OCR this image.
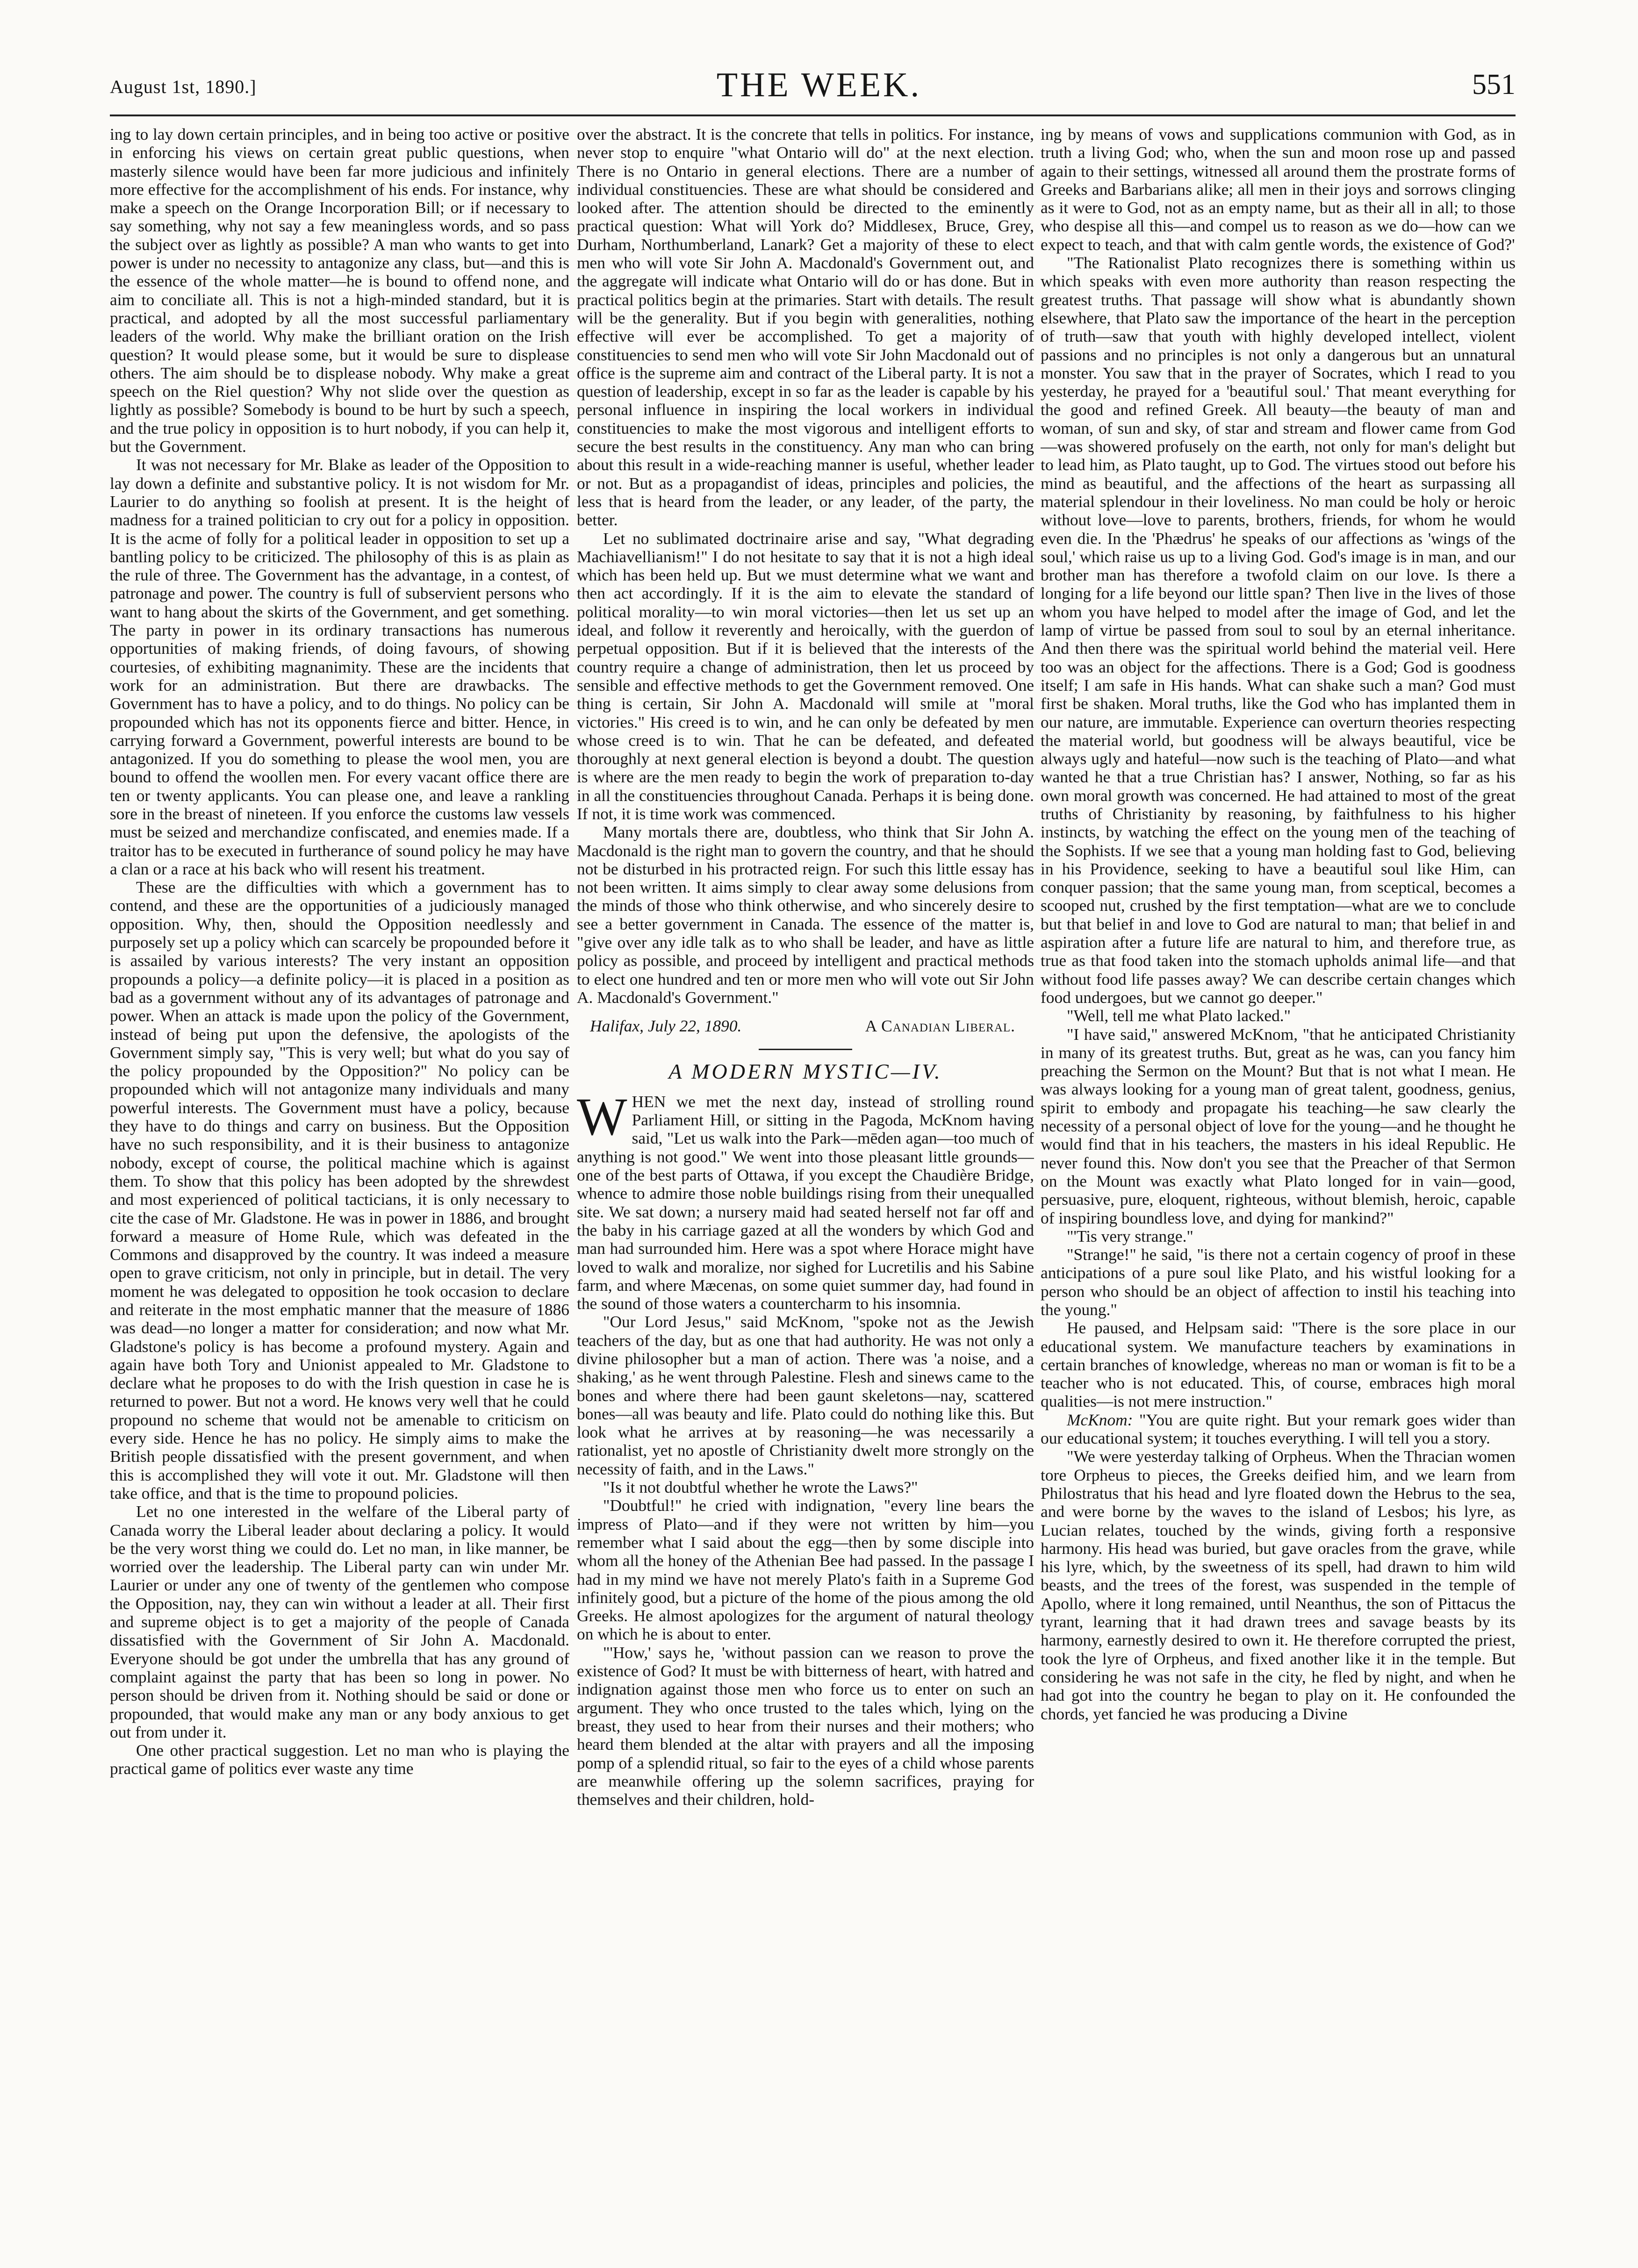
August 1st, 1890.]	THE WEEK.	551

ing to lay down certain principles, and in being too active or positive in enforcing his views on certain great public questions, when masterly silence would have been far more judicious and infinitely more effective for the accomplishment of his ends. For instance, why make a speech on the Orange Incorporation Bill; or if necessary to say something, why not say a few meaningless words, and so pass the subject over as lightly as possible? A man who wants to get into power is under no necessity to antagonize any class, but—and this is the essence of the whole matter—he is bound to offend none, and aim to conciliate all. This is not a high-minded standard, but it is practical, and adopted by all the most successful parliamentary leaders of the world. Why make the brilliant oration on the Irish question? It would please some, but it would be sure to displease others. The aim should be to displease nobody. Why make a great speech on the Riel question? Why not slide over the question as lightly as possible? Somebody is bound to be hurt by such a speech, and the true policy in opposition is to hurt nobody, if you can help it, but the Government.

It was not necessary for Mr. Blake as leader of the Opposition to lay down a definite and substantive policy. It is not wisdom for Mr. Laurier to do anything so foolish at present. It is the height of madness for a trained politician to cry out for a policy in opposition. It is the acme of folly for a political leader in opposition to set up a bantling policy to be criticized. The philosophy of this is as plain as the rule of three. The Government has the advantage, in a contest, of patronage and power. The country is full of subservient persons who want to hang about the skirts of the Government, and get something. The party in power in its ordinary transactions has numerous opportunities of making friends, of doing favours, of showing courtesies, of exhibiting magnanimity. These are the incidents that work for an administration. But there are drawbacks. The Government has to have a policy, and to do things. No policy can be propounded which has not its opponents fierce and bitter. Hence, in carrying forward a Government, powerful interests are bound to be antagonized. If you do something to please the wool men, you are bound to offend the woollen men. For every vacant office there are ten or twenty applicants. You can please one, and leave a rankling sore in the breast of nineteen. If you enforce the customs law vessels must be seized and merchandize confiscated, and enemies made. If a traitor has to be executed in furtherance of sound policy he may have a clan or a race at his back who will resent his treatment.

These are the difficulties with which a government has to contend, and these are the opportunities of a judiciously managed opposition. Why, then, should the Opposition needlessly and purposely set up a policy which can scarcely be propounded before it is assailed by various interests? The very instant an opposition propounds a policy—a definite policy—it is placed in a position as bad as a government without any of its advantages of patronage and power. When an attack is made upon the policy of the Government, instead of being put upon the defensive, the apologists of the Government simply say, "This is very well; but what do you say of the policy propounded by the Opposition?" No policy can be propounded which will not antagonize many individuals and many powerful interests. The Government must have a policy, because they have to do things and carry on business. But the Opposition have no such responsibility, and it is their business to antagonize nobody, except of course, the political machine which is against them. To show that this policy has been adopted by the shrewdest and most experienced of political tacticians, it is only necessary to cite the case of Mr. Gladstone. He was in power in 1886, and brought forward a measure of Home Rule, which was defeated in the Commons and disapproved by the country. It was indeed a measure open to grave criticism, not only in principle, but in detail. The very moment he was delegated to opposition he took occasion to declare and reiterate in the most emphatic manner that the measure of 1886 was dead—no longer a matter for consideration; and now what Mr. Gladstone's policy is has become a profound mystery. Again and again have both Tory and Unionist appealed to Mr. Gladstone to declare what he proposes to do with the Irish question in case he is returned to power. But not a word. He knows very well that he could propound no scheme that would not be amenable to criticism on every side. Hence he has no policy. He simply aims to make the British people dissatisfied with the present government, and when this is accomplished they will vote it out. Mr. Gladstone will then take office, and that is the time to propound policies.

Let no one interested in the welfare of the Liberal party of Canada worry the Liberal leader about declaring a policy. It would be the very worst thing we could do. Let no man, in like manner, be worried over the leadership. The Liberal party can win under Mr. Laurier or under any one of twenty of the gentlemen who compose the Opposition, nay, they can win without a leader at all. Their first and supreme object is to get a majority of the people of Canada dissatisfied with the Government of Sir John A. Macdonald. Everyone should be got under the umbrella that has any ground of complaint against the party that has been so long in power. No person should be driven from it. Nothing should be said or done or propounded, that would make any man or any body anxious to get out from under it.

One other practical suggestion. Let no man who is playing the practical game of politics ever waste any time

over the abstract. It is the concrete that tells in politics. For instance, never stop to enquire "what Ontario will do" at the next election. There is no Ontario in general elections. There are a number of individual constituencies. These are what should be considered and looked after. The attention should be directed to the eminently practical question: What will York do? Middlesex, Bruce, Grey, Durham, Northumberland, Lanark? Get a majority of these to elect men who will vote Sir John A. Macdonald's Government out, and the aggregate will indicate what Ontario will do or has done. But in practical politics begin at the primaries. Start with details. The result will be the generality. But if you begin with generalities, nothing effective will ever be accomplished. To get a majority of constituencies to send men who will vote Sir John Macdonald out of office is the supreme aim and contract of the Liberal party. It is not a question of leadership, except in so far as the leader is capable by his personal influence in inspiring the local workers in individual constituencies to make the most vigorous and intelligent efforts to secure the best results in the constituency. Any man who can bring about this result in a wide-reaching manner is useful, whether leader or not. But as a propagandist of ideas, principles and policies, the less that is heard from the leader, or any leader, of the party, the better.

Let no sublimated doctrinaire arise and say, "What degrading Machiavellianism!" I do not hesitate to say that it is not a high ideal which has been held up. But we must determine what we want and then act accordingly. If it is the aim to elevate the standard of political morality—to win moral victories—then let us set up an ideal, and follow it reverently and heroically, with the guerdon of perpetual opposition. But if it is believed that the interests of the country require a change of administration, then let us proceed by sensible and effective methods to get the Government removed. One thing is certain, Sir John A. Macdonald will smile at "moral victories." His creed is to win, and he can only be defeated by men whose creed is to win. That he can be defeated, and defeated thoroughly at next general election is beyond a doubt. The question is where are the men ready to begin the work of preparation to-day in all the constituencies throughout Canada. Perhaps it is being done. If not, it is time work was commenced.

Many mortals there are, doubtless, who think that Sir John A. Macdonald is the right man to govern the country, and that he should not be disturbed in his protracted reign. For such this little essay has not been written. It aims simply to clear away some delusions from the minds of those who think otherwise, and who sincerely desire to see a better government in Canada. The essence of the matter is, "give over any idle talk as to who shall be leader, and have as little policy as possible, and proceed by intelligent and practical methods to elect one hundred and ten or more men who will vote out Sir John A. Macdonald's Government."

Halifax, July 22, 1890.	A Canadian Liberal.
A MODERN MYSTIC—IV.

WHEN we met the next day, instead of strolling round Parliament Hill, or sitting in the Pagoda, McKnom having said, "Let us walk into the Park—mēden agan—too much of anything is not good." We went into those pleasant little grounds—one of the best parts of Ottawa, if you except the Chaudière Bridge, whence to admire those noble buildings rising from their unequalled site. We sat down; a nursery maid had seated herself not far off and the baby in his carriage gazed at all the wonders by which God and man had surrounded him. Here was a spot where Horace might have loved to walk and moralize, nor sighed for Lucretilis and his Sabine farm, and where Mæcenas, on some quiet summer day, had found in the sound of those waters a countercharm to his insomnia.

"Our Lord Jesus," said McKnom, "spoke not as the Jewish teachers of the day, but as one that had authority. He was not only a divine philosopher but a man of action. There was 'a noise, and a shaking,' as he went through Palestine. Flesh and sinews came to the bones and where there had been gaunt skeletons—nay, scattered bones—all was beauty and life. Plato could do nothing like this. But look what he arrives at by reasoning—he was necessarily a rationalist, yet no apostle of Christianity dwelt more strongly on the necessity of faith, and in the Laws."

"Is it not doubtful whether he wrote the Laws?"

"Doubtful!" he cried with indignation, "every line bears the impress of Plato—and if they were not written by him—you remember what I said about the egg—then by some disciple into whom all the honey of the Athenian Bee had passed. In the passage I had in my mind we have not merely Plato's faith in a Supreme God infinitely good, but a picture of the home of the pious among the old Greeks. He almost apologizes for the argument of natural theology on which he is about to enter.

"'How,' says he, 'without passion can we reason to prove the existence of God? It must be with bitterness of heart, with hatred and indignation against those men who force us to enter on such an argument. They who once trusted to the tales which, lying on the breast, they used to hear from their nurses and their mothers; who heard them blended at the altar with prayers and all the imposing pomp of a splendid ritual, so fair to the eyes of a child whose parents are meanwhile offering up the solemn sacrifices, praying for themselves and their children, hold-

ing by means of vows and supplications communion with God, as in truth a living God; who, when the sun and moon rose up and passed again to their settings, witnessed all around them the prostrate forms of Greeks and Barbarians alike; all men in their joys and sorrows clinging as it were to God, not as an empty name, but as their all in all; to those who despise all this—and compel us to reason as we do—how can we expect to teach, and that with calm gentle words, the existence of God?'

"The Rationalist Plato recognizes there is something within us which speaks with even more authority than reason respecting the greatest truths. That passage will show what is abundantly shown elsewhere, that Plato saw the importance of the heart in the perception of truth—saw that youth with highly developed intellect, violent passions and no principles is not only a dangerous but an unnatural monster. You saw that in the prayer of Socrates, which I read to you yesterday, he prayed for a 'beautiful soul.' That meant everything for the good and refined Greek. All beauty—the beauty of man and woman, of sun and sky, of star and stream and flower came from God—was showered profusely on the earth, not only for man's delight but to lead him, as Plato taught, up to God. The virtues stood out before his mind as beautiful, and the affections of the heart as surpassing all material splendour in their loveliness. No man could be holy or heroic without love—love to parents, brothers, friends, for whom he would even die. In the 'Phædrus' he speaks of our affections as 'wings of the soul,' which raise us up to a living God. God's image is in man, and our brother man has therefore a twofold claim on our love. Is there a longing for a life beyond our little span? Then live in the lives of those whom you have helped to model after the image of God, and let the lamp of virtue be passed from soul to soul by an eternal inheritance. And then there was the spiritual world behind the material veil. Here too was an object for the affections. There is a God; God is goodness itself; I am safe in His hands. What can shake such a man? God must first be shaken. Moral truths, like the God who has implanted them in our nature, are immutable. Experience can overturn theories respecting the material world, but goodness will be always beautiful, vice be always ugly and hateful—now such is the teaching of Plato—and what wanted he that a true Christian has? I answer, Nothing, so far as his own moral growth was concerned. He had attained to most of the great truths of Christianity by reasoning, by faithfulness to his higher instincts, by watching the effect on the young men of the teaching of the Sophists. If we see that a young man holding fast to God, believing in his Providence, seeking to have a beautiful soul like Him, can conquer passion; that the same young man, from sceptical, becomes a scooped nut, crushed by the first temptation—what are we to conclude but that belief in and love to God are natural to man; that belief in and aspiration after a future life are natural to him, and therefore true, as true as that food taken into the stomach upholds animal life—and that without food life passes away? We can describe certain changes which food undergoes, but we cannot go deeper."

"Well, tell me what Plato lacked."

"I have said," answered McKnom, "that he anticipated Christianity in many of its greatest truths. But, great as he was, can you fancy him preaching the Sermon on the Mount? But that is not what I mean. He was always looking for a young man of great talent, goodness, genius, spirit to embody and propagate his teaching—he saw clearly the necessity of a personal object of love for the young—and he thought he would find that in his teachers, the masters in his ideal Republic. He never found this. Now don't you see that the Preacher of that Sermon on the Mount was exactly what Plato longed for in vain—good, persuasive, pure, eloquent, righteous, without blemish, heroic, capable of inspiring boundless love, and dying for mankind?"

"'Tis very strange."

"Strange!" he said, "is there not a certain cogency of proof in these anticipations of a pure soul like Plato, and his wistful looking for a person who should be an object of affection to instil his teaching into the young."

He paused, and Helpsam said: "There is the sore place in our educational system. We manufacture teachers by examinations in certain branches of knowledge, whereas no man or woman is fit to be a teacher who is not educated. This, of course, embraces high moral qualities—is not mere instruction."

McKnom: "You are quite right. But your remark goes wider than our educational system; it touches everything. I will tell you a story.

"We were yesterday talking of Orpheus. When the Thracian women tore Orpheus to pieces, the Greeks deified him, and we learn from Philostratus that his head and lyre floated down the Hebrus to the sea, and were borne by the waves to the island of Lesbos; his lyre, as Lucian relates, touched by the winds, giving forth a responsive harmony. His head was buried, but gave oracles from the grave, while his lyre, which, by the sweetness of its spell, had drawn to him wild beasts, and the trees of the forest, was suspended in the temple of Apollo, where it long remained, until Neanthus, the son of Pittacus the tyrant, learning that it had drawn trees and savage beasts by its harmony, earnestly desired to own it. He therefore corrupted the priest, took the lyre of Orpheus, and fixed another like it in the temple. But considering he was not safe in the city, he fled by night, and when he had got into the country he began to play on it. He confounded the chords, yet fancied he was producing a Divine
